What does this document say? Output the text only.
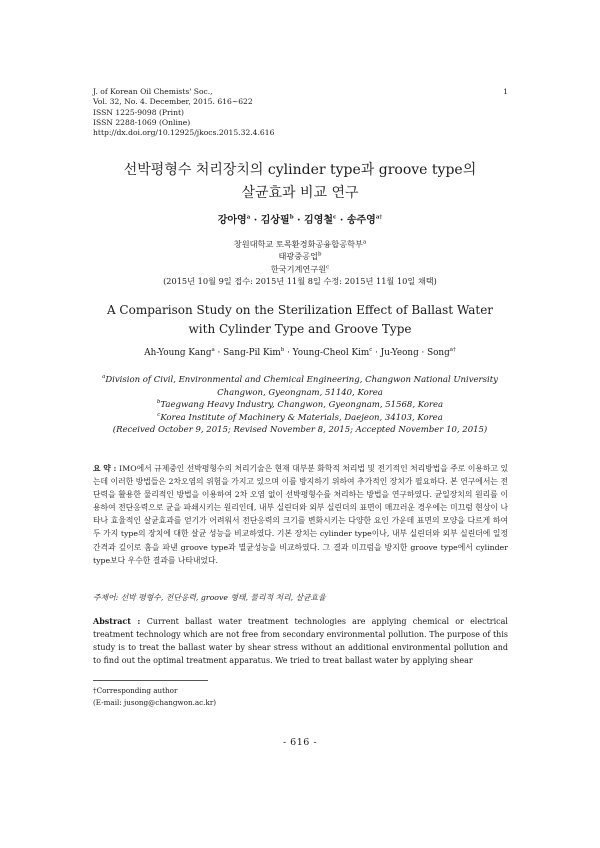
J. of Korean Oil Chemists' Soc.,
Vol. 32, No. 4. December, 2015. 616~622
ISSN 1225-9098 (Print)
ISSN 2288-1069 (Online)
http://dx.doi.org/10.12925/jkocs.2015.32.4.616
1
선박평형수 처리장치의 cylinder type과 groove type의
살균효과 비교 연구
강아영$^a$ · 김상필$^b$ · 김영철$^c$ · 송주영$^{a\dagger}$
창원대학교 토목환경화공융합공학부$^a$
태광중공업$^b$
한국기계연구원$^c$
(2015년 10월 9일 접수: 2015년 11월 8일 수정: 2015년 11월 10일 채택)
A Comparison Study on the Sterilization Effect of Ballast Water
with Cylinder Type and Groove Type
Ah-Young Kang$^a$ · Sang-Pil Kim$^b$ · Young-Cheol Kim$^c$ · Ju-Yeong · Song$^{a\dagger}$
$^a$Division of Civil, Environmental and Chemical Engineering, Changwon National University
Changwon, Gyeongnam, 51140, Korea
$^b$Taegwang Heavy Industry, Changwon, Gyeongnam, 51568, Korea
$^c$Korea Institute of Machinery & Materials, Daejeon, 34103, Korea
(Received October 9, 2015; Revised November 8, 2015; Accepted November 10, 2015)
요 약 : IMO에서 규제중인 선박평형수의 처리기술은 현재 대부분 화학적 처리법 및 전기적인 처리방법을 주로 이용하고 있는데 이러한 방법들은 2차오염의 위험을 가지고 있으며 이를 방지하기 위하여 추가적인 장치가 필요하다. 본 연구에서는 전단력을 활용한 물리적인 방법을 이용하여 2차 오염 없이 선박평형수를 처리하는 방법을 연구하였다. 균일장치의 원리를 이용하여 전단응력으로 균을 파쇄시키는 원리인데, 내부 실린더와 외부 실린더의 표면이 매끄러운 경우에는 미끄럼 현상이 나타나 효율적인 살균효과를 얻기가 어려워서 전단응력의 크기를 변화시키는 다양한 요인 가운데 표면의 모양을 다르게 하여 두 가지 type의 장치에 대한 살균 성능을 비교하였다. 기본 장치는 cylinder type이나, 내부 실린더와 외부 실린더에 일정 간격과 깊이로 홈을 파낸 groove type과 멸균성능을 비교하였다. 그 결과 미끄럼을 방지한 groove type에서 cylinder type보다 우수한 결과를 나타내었다.
주제어: 선박 평형수, 전단응력, groove 형태, 물리적 처리, 살균효율
Abstract : Current ballast water treatment technologies are applying chemical or electrical treatment technology which are not free from secondary environmental pollution. The purpose of this study is to treat the ballast water by shear stress without an additional environmental pollution and to find out the optimal treatment apparatus. We tried to treat ballast water by applying shear
†Corresponding author
(E-mail: jusong@changwon.ac.kr)
- 616 -
